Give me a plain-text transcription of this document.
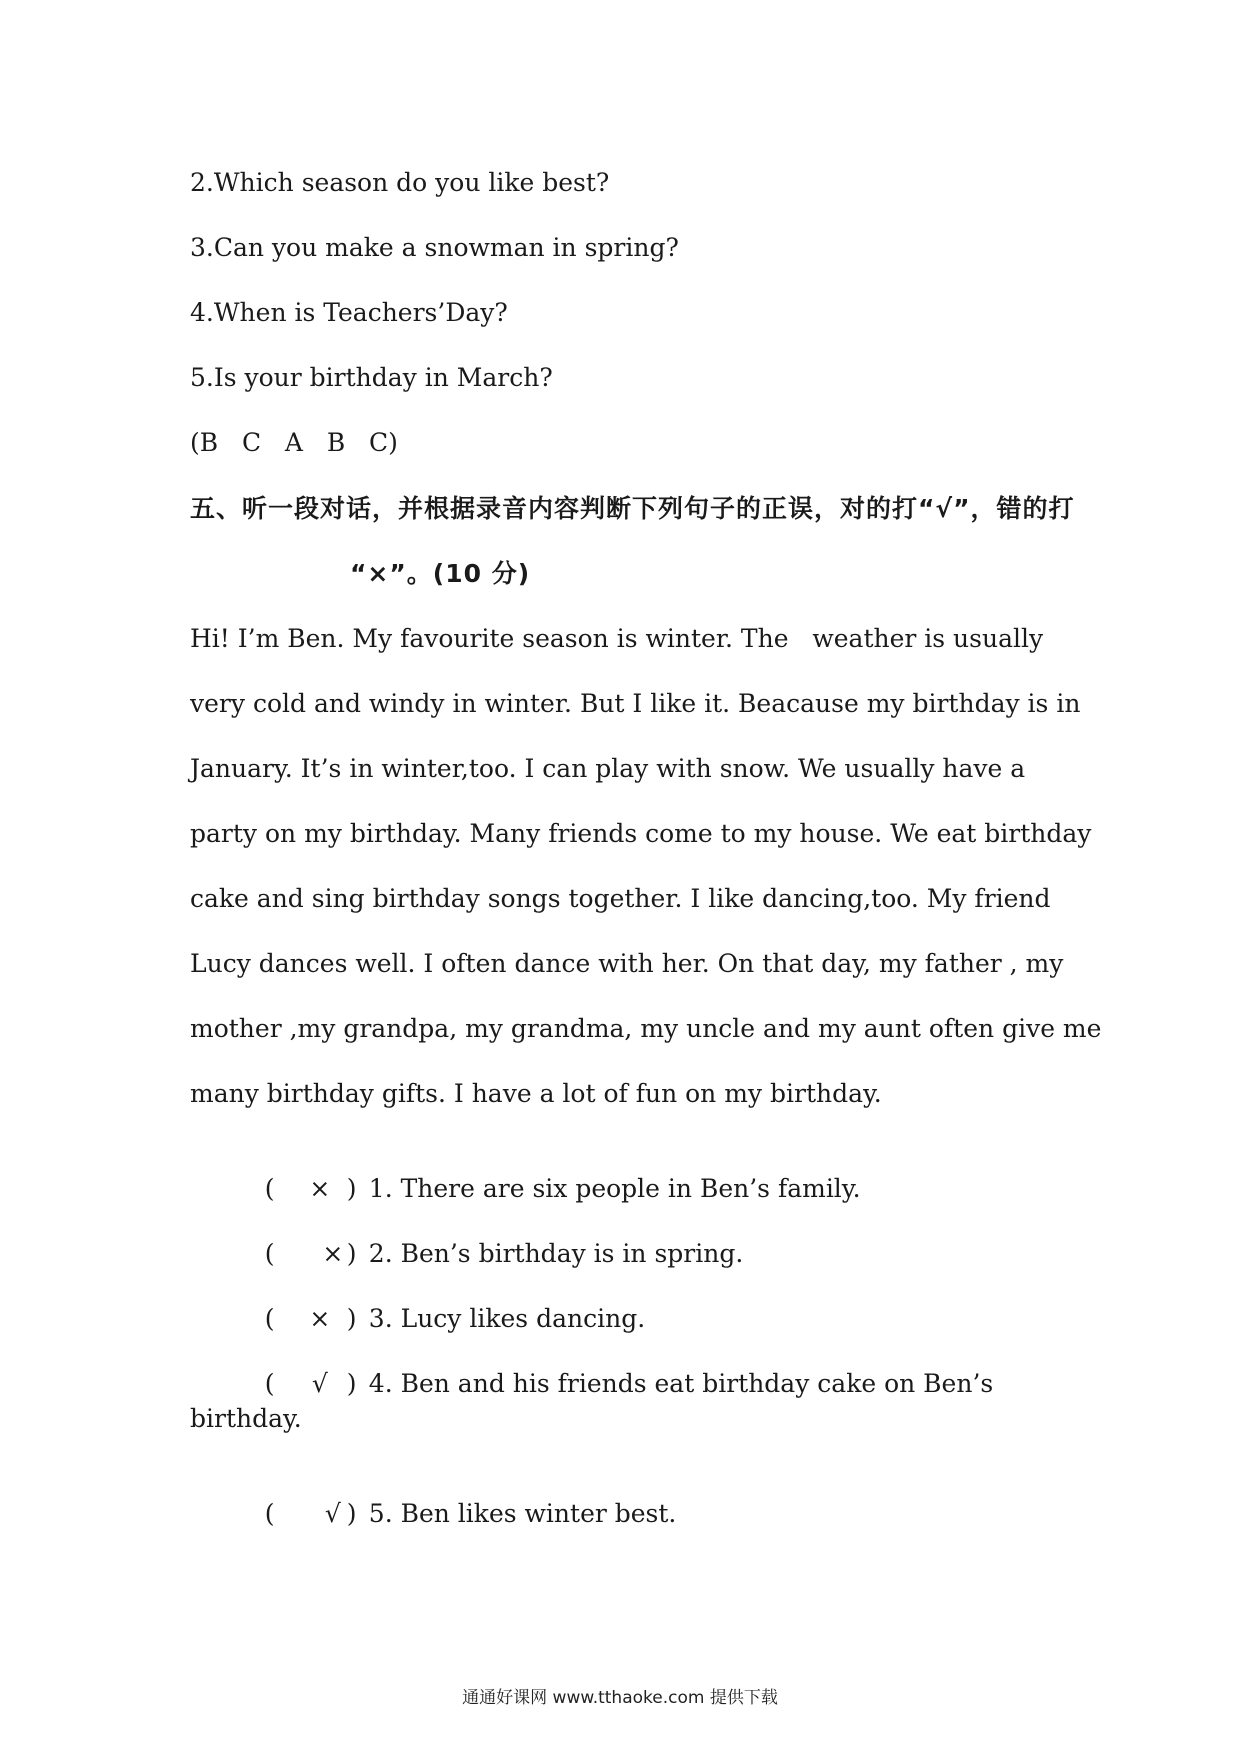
2.Which season do you like best?
3.Can you make a snowman in spring?
4.When is Teachers’Day?
5.Is your birthday in March?
(B   C   A   B   C)
五、听一段对话，并根据录音内容判断下列句子的正误，对的打“√”，错的打
“×”。(10 分)
Hi! I’m Ben. My favourite season is winter. The   weather is usually
very cold and windy in winter. But I like it. Beacause my birthday is in
January. It’s in winter,too. I can play with snow. We usually have a
party on my birthday. Many friends come to my house. We eat birthday
cake and sing birthday songs together. I like dancing,too. My friend
Lucy dances well. I often dance with her. On that day, my father , my
mother ,my grandpa, my grandma, my uncle and my aunt often give me
many birthday gifts. I have a lot of fun on my birthday.

( × ) 1. There are six people in Ben’s family.

( × ) 2. Ben’s birthday is in spring.

( × ) 3. Lucy likes dancing.

( √ ) 4. Ben and his friends eat birthday cake on Ben’s

birthday.

( √ ) 5. Ben likes winter best.

通通好课网 www.tthaoke.com 提供下载
